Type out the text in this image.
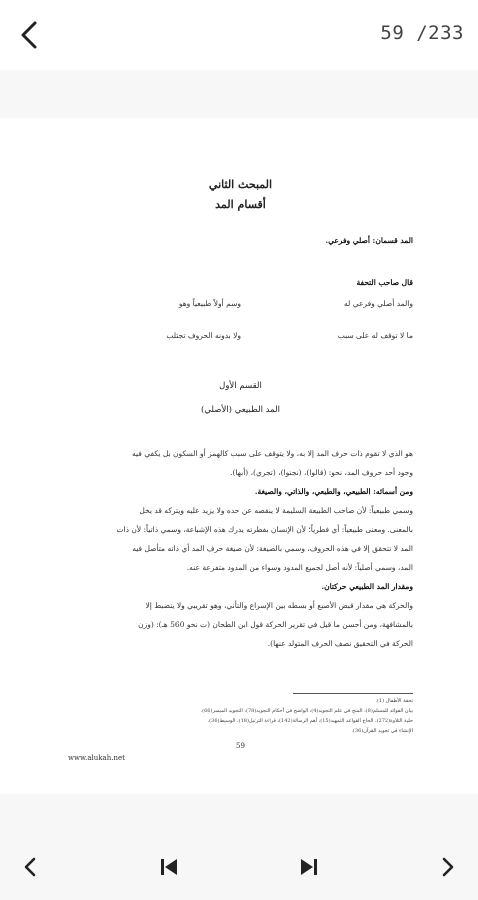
59 /233
المبحث الثاني
أقسام المد
المد قسمان: أصلي وفرعي.
قال صاحب التحفة
والمد أصلي وفرعي له
وسم أولاً طبيعياً وهو
ما لا توقف له على سبب
ولا بدونه الحروف تجتلب
القسم الأول
المد الطبيعي (الأصلي)
هو الذي لا تقوم ذات حرف المد إلا به، ولا يتوقف على سبب كالهمز أو السكون بل يكفي فيه
وجود أحد حروف المد، نحو: (قالوا)، (نجنوا)، (تجري)، (أبها).
ومن أسمائه: الطبيعي، والطبعي، والذاتي، والصيغة.
وسمي طبيعياً: لأن صاحب الطبيعة السليمة لا ينقصه عن حده ولا يزيد عليه ويتركه قد يخل
بالمعنى. ومعنى طبيعياً: أي فطرياً؛ لأن الإنسان بفطرته يدرك هذه الإشباعة، وسمي ذاتياً: لأن ذات
المد لا تتحقق إلا في هذه الحروف، وسمي بالصيغة: لأن صيغة حرف المد أي ذاته متأصل فيه
المد، وسمي أصلياً: لأنه أصل لجميع المدود وسواء من المدود متفرعة عنه.
ومقدار المد الطبيعي حركتان.
والحركة هي مقدار قبض الأصبع أو بسطه بين الإسراع والتأني، وهو تقريبي ولا ينضبط إلا
بالمشافهة، ومن أحسن ما قيل في تقرير الحركة قول ابن الطحان (ت نحو 560 هـ): (وزن
الحركة في التحقيق نصف الحرف المتولد عنها).
تحفة الأطفال (1).
بيان الفوائد للمسلم(8)، المنح في علم التجويد(4)، الواضح في أحكام التجويد(78)، التجويد الميسر(66).
حلية التلاوة(272)، الحاح القواعد التمهيد(15)، أهم الرسالة(142)، قراءة الترتيل(18)، الوسيط(36).
الإنشاء في تجويد القرآن(36).
59
www.alukah.net
